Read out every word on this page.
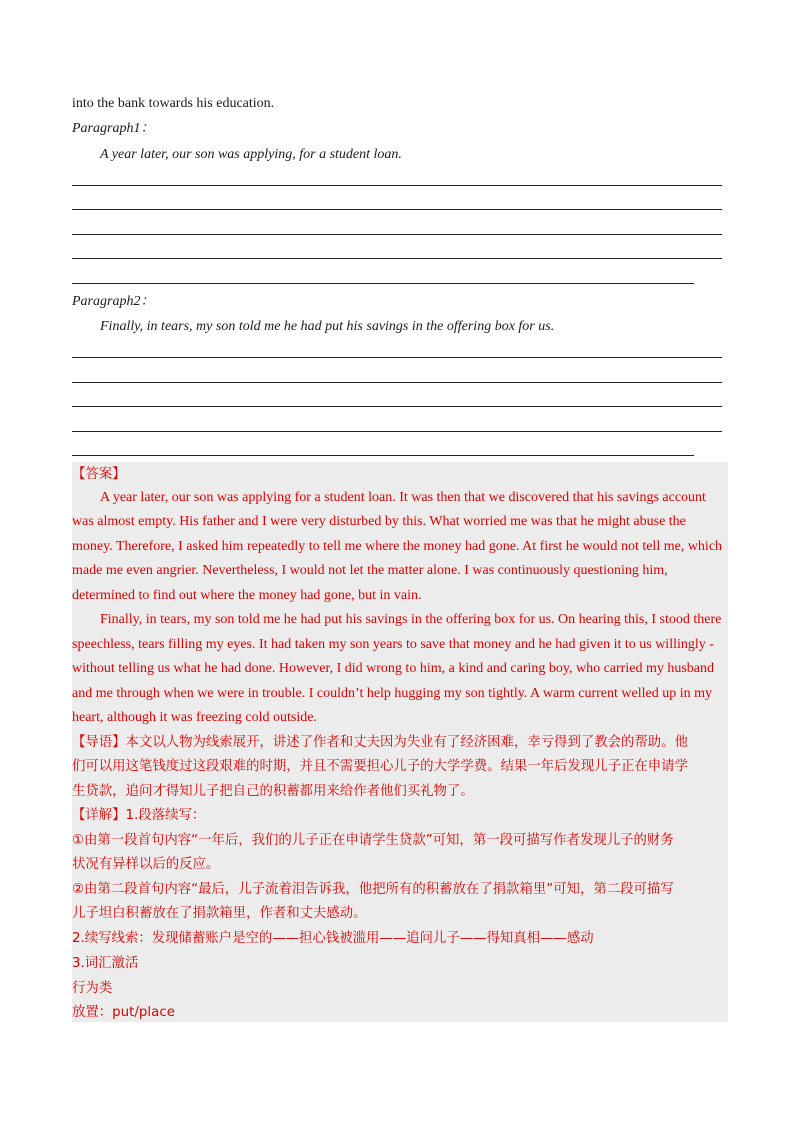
into the bank towards his education.
Paragraph1：
A year later, our son was applying, for a student loan.
Paragraph2：
Finally, in tears, my son told me he had put his savings in the offering box for us.
【答案】
A year later, our son was applying for a student loan. It was then that we discovered that his savings account
was almost empty. His father and I were very disturbed by this. What worried me was that he might abuse the
money. Therefore, I asked him repeatedly to tell me where the money had gone. At first he would not tell me, which
made me even angrier. Nevertheless, I would not let the matter alone. I was continuously questioning him,
determined to find out where the money had gone, but in vain.
Finally, in tears, my son told me he had put his savings in the offering box for us. On hearing this, I stood there
speechless, tears filling my eyes. It had taken my son years to save that money and he had given it to us willingly -
without telling us what he had done. However, I did wrong to him, a kind and caring boy, who carried my husband
and me through when we were in trouble. I couldn’t help hugging my son tightly. A warm current welled up in my
heart, although it was freezing cold outside.
【导语】本文以人物为线索展开，讲述了作者和丈夫因为失业有了经济困难，幸亏得到了教会的帮助。他
们可以用这笔钱度过这段艰难的时期，并且不需要担心儿子的大学学费。结果一年后发现儿子正在申请学
生贷款，追问才得知儿子把自己的积蓄都用来给作者他们买礼物了。
【详解】1.段落续写：
①由第一段首句内容“一年后，我们的儿子正在申请学生贷款”可知，第一段可描写作者发现儿子的财务
状况有异样以后的反应。
②由第二段首句内容“最后，儿子流着泪告诉我，他把所有的积蓄放在了捐款箱里”可知，第二段可描写
儿子坦白积蓄放在了捐款箱里，作者和丈夫感动。
2.续写线索：发现储蓄账户是空的——担心钱被滥用——追问儿子——得知真相——感动
3.词汇激活
行为类
放置：put/place
